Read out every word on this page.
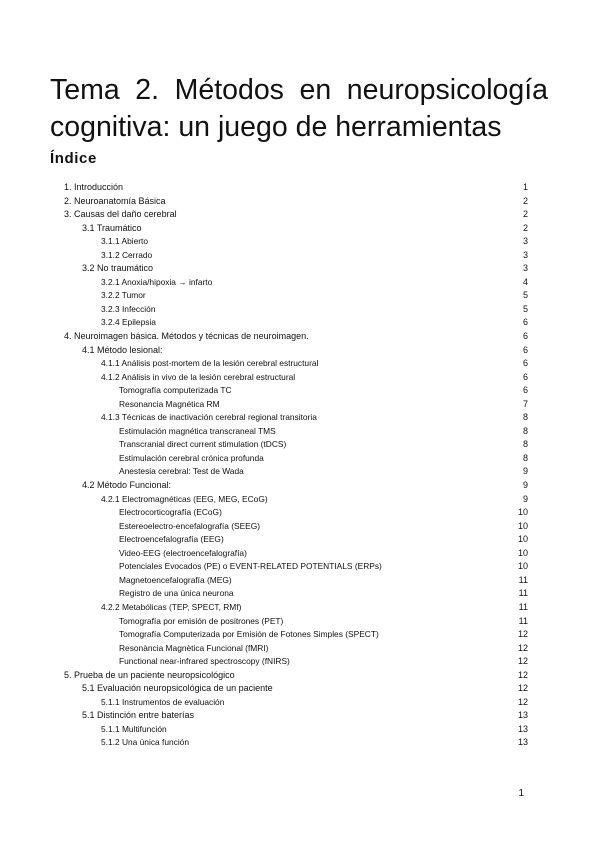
Tema 2. Métodos en neuropsicología
cognitiva: un juego de herramientas
Índice
1. Introducción	1
2. Neuroanatomía Básica	2
3. Causas del daño cerebral	2
3.1 Traumático	2
3.1.1 Abierto	3
3.1.2 Cerrado	3
3.2 No traumático	3
3.2.1 Anoxia/hipoxia → infarto	4
3.2.2 Tumor	5
3.2.3 Infección	5
3.2.4 Epilepsia	6
4. Neuroimagen básica. Métodos y técnicas de neuroimagen.	6
4.1 Método lesional:	6
4.1.1 Análisis post-mortem de la lesión cerebral estructural	6
4.1.2 Análisis in vivo de la lesión cerebral estructural	6
Tomografía computerizada TC	6
Resonancia Magnética RM	7
4.1.3 Técnicas de inactivación cerebral regional transitoria	8
Estimulación magnética transcraneal TMS	8
Transcranial direct current stimulation (tDCS)	8
Estimulación cerebral crónica profunda	8
Anestesia cerebral: Test de Wada	9
4.2 Método Funcional:	9
4.2.1 Electromagnéticas (EEG, MEG, ECoG)	9
Electrocorticografía (ECoG)	10
Estereoelectro-encefalografía (SEEG)	10
Electroencefalografía (EEG)	10
Video-EEG (electroencefalografía)	10
Potenciales Evocados (PE) o EVENT-RELATED POTENTIALS (ERPs)	10
Magnetoencefalografía (MEG)	11
Registro de una única neurona	11
4.2.2 Metabólicas (TEP, SPECT, RMf)	11
Tomografía por emisión de positrones (PET)	11
Tomografía Computerizada por Emisión de Fotones Simples (SPECT)	12
Resonància Magnètica Funcional (fMRI)	12
Functional near-infrared spectroscopy (fNIRS)	12
5. Prueba de un paciente neuropsicológico	12
5.1 Evaluación neuropsicológica de un paciente	12
5.1.1 Instrumentos de evaluación	12
5.1 Distinción entre baterías	13
5.1.1 Multifunción	13
5.1.2 Una única función	13
1
